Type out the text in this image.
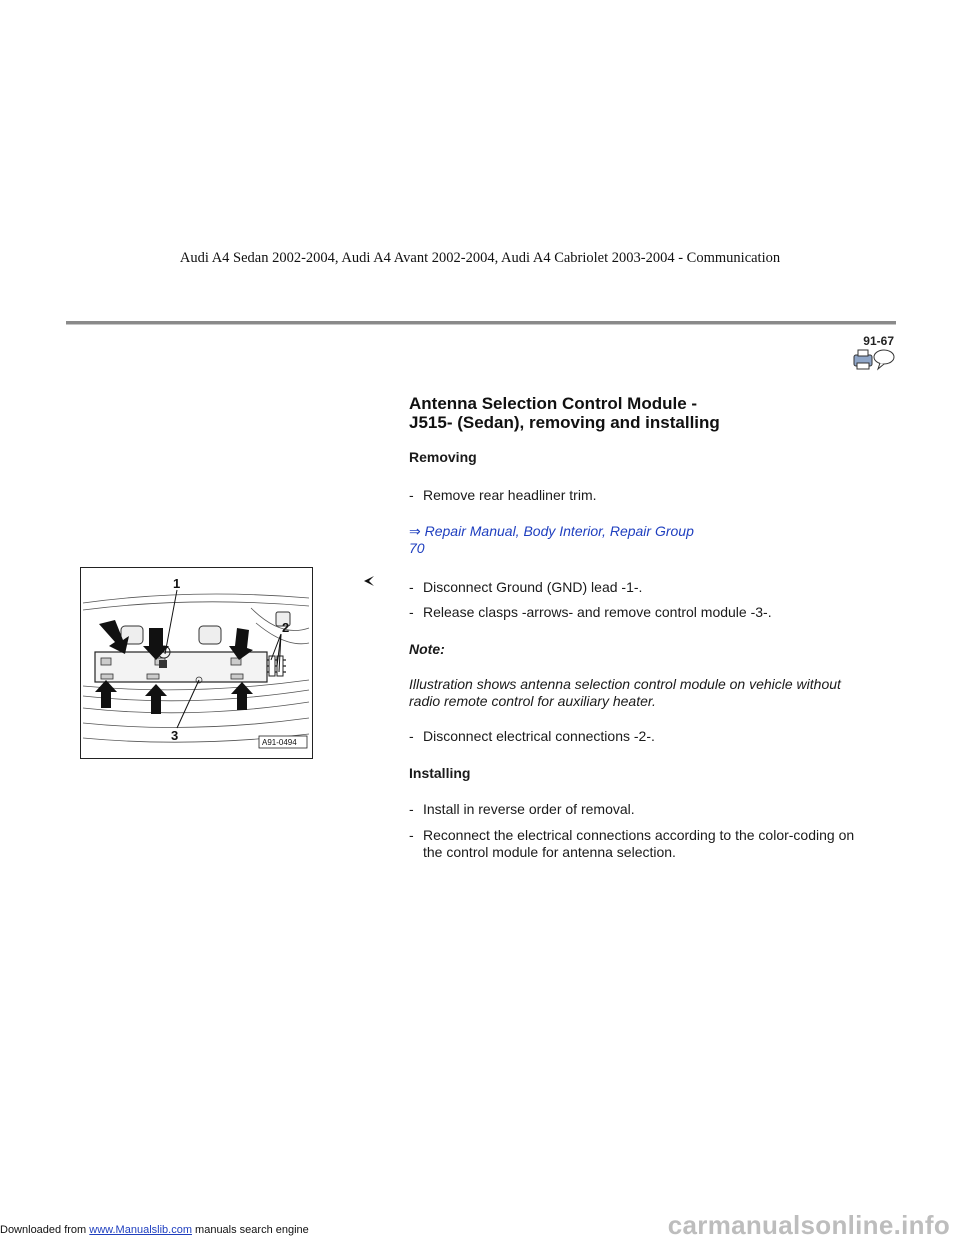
Audi A4 Sedan 2002-2004, Audi A4 Avant 2002-2004, Audi A4 Cabriolet 2003-2004 - Communication
91-67
Antenna Selection Control Module -
J515- (Sedan), removing and installing
Removing
- Remove rear headliner trim.
⇒ Repair Manual, Body Interior, Repair Group
70
1
2
3	A91-0494
- Disconnect Ground (GND) lead -1-.
- Release clasps -arrows- and remove control module -3-.
Note:
Illustration shows antenna selection control module on vehicle without
radio remote control for auxiliary heater.
- Disconnect electrical connections -2-.
Installing
- Install in reverse order of removal.
- Reconnect the electrical connections according to the color-coding on
the control module for antenna selection.
Downloaded from www.Manualslib.com manuals search engine	carmanualsonline.info
